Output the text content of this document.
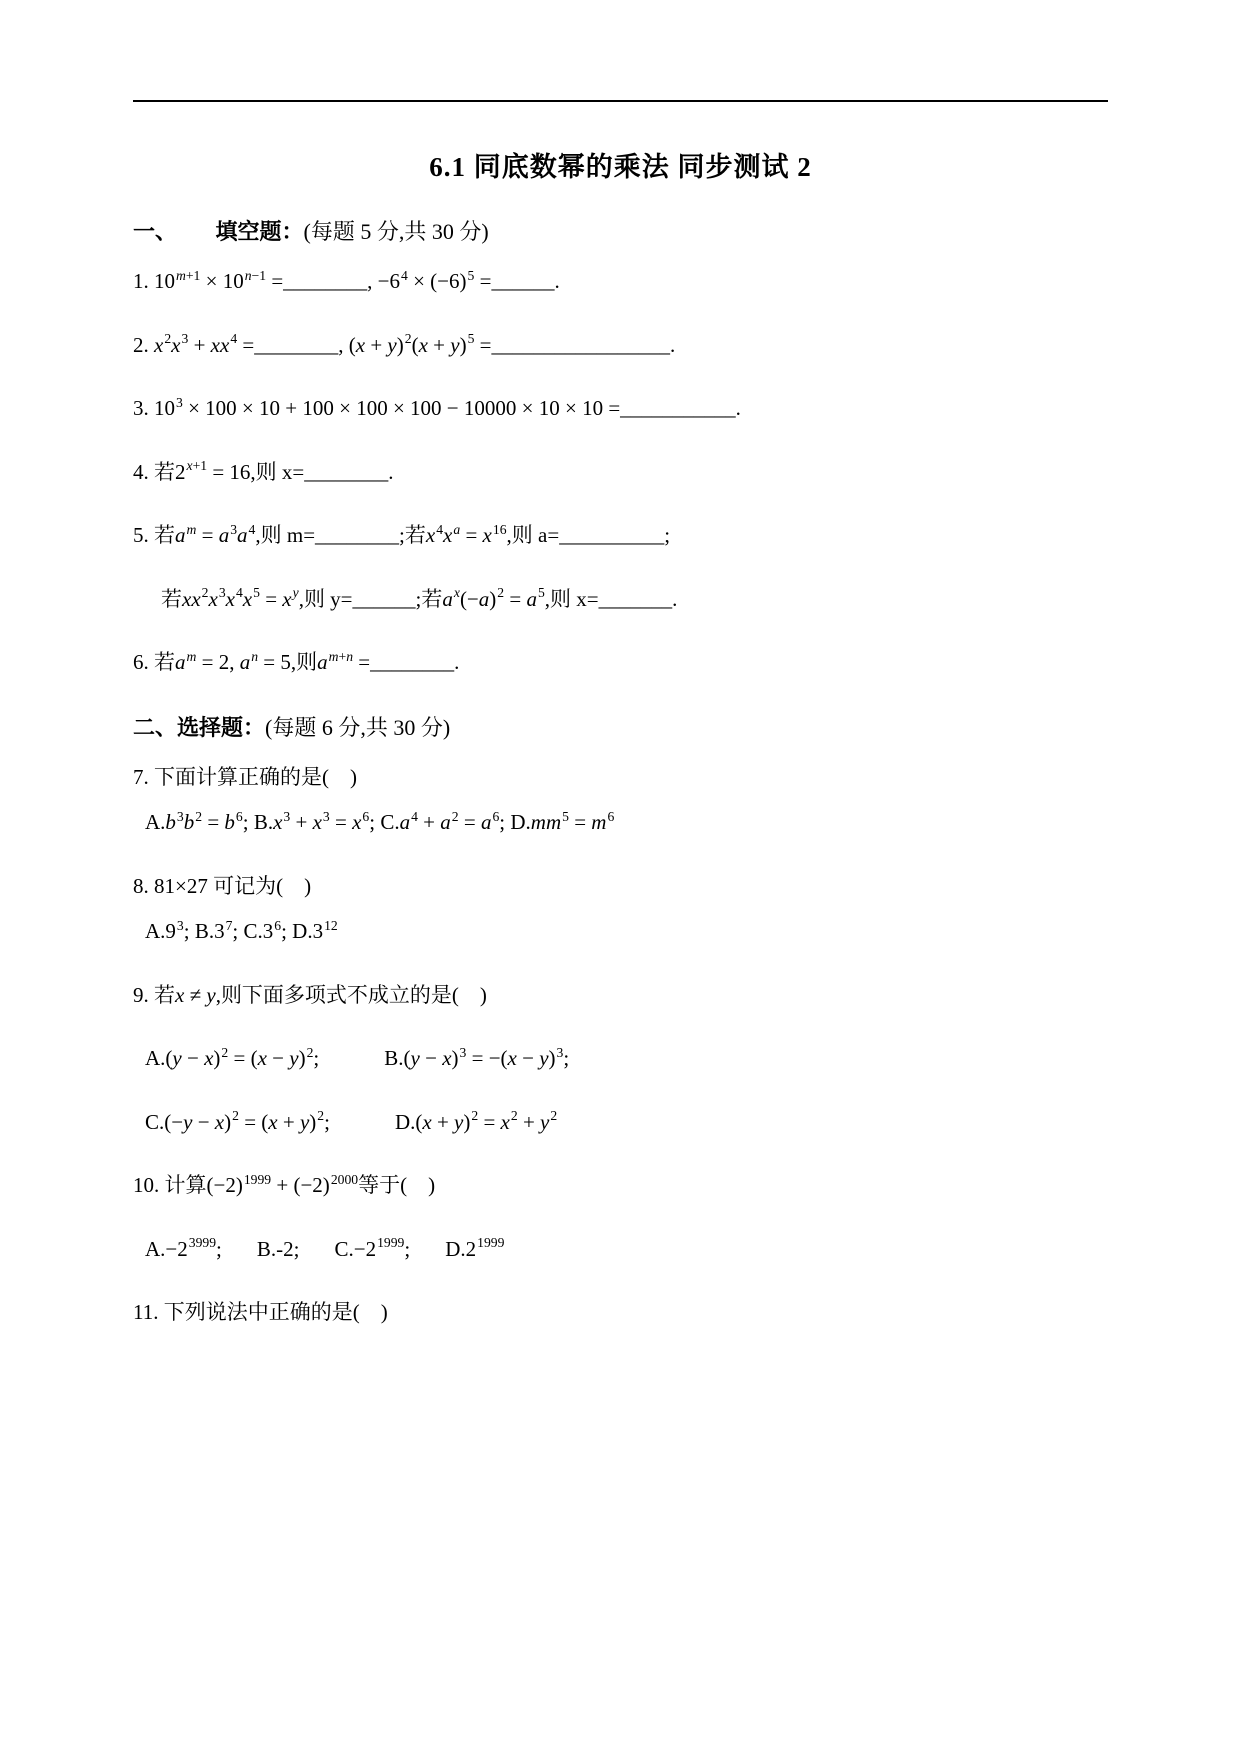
6.1 同底数幂的乘法 同步测试 2
一、　　 填空题：(每题 5 分,共 30 分)
1. $10^{m+1} \times 10^{n-1}$ =________, $-6^4 \times (-6)^5$ =______.
2. $x^2x^3 + xx^4$ =________, $(x + y)^2(x + y)^5$ =_________________.
3. $10^3 \times 100 \times 10 + 100 \times 100 \times 100 - 10000 \times 10 \times 10$ =___________.
4. 若$2^{x+1} = 16$,则 x=________.
5. 若$a^m = a^3a^4$,则 m=________;若$x^4x^a = x^{16}$,则 a=__________;
若$xx^2x^3x^4x^5 = x^y$,则 y=______;若$a^x(-a)^2 = a^5$,则 x=_______.
6. 若$a^m = 2$, $a^n = 5$,则$a^{m+n}$ =________.
二、选择题：(每题 6 分,共 30 分)
7. 下面计算正确的是(　)
$A.b^3b^2 = b^6$; $B.x^3 + x^3 = x^6$; $C.a^4 + a^2 = a^6$; $D.mm^5 = m^6$
8. 81×27 可记为(　)
$A.9^3$; $B.3^7$; $C.3^6$; $D.3^{12}$
9. 若x ≠ y,则下面多项式不成立的是(　)
$A.(y - x)^2 = (x - y)^2$;	$B.(y - x)^3 = -(x - y)^3$;
$C.(-y - x)^2 = (x + y)^2$;	$D.(x + y)^2 = x^2 + y^2$
10. 计算$(-2)^{1999} + (-2)^{2000}$等于(　)
$A.-2^{3999}$; B.-2; $C.-2^{1999}$; $D.2^{1999}$
11. 下列说法中正确的是(　)
